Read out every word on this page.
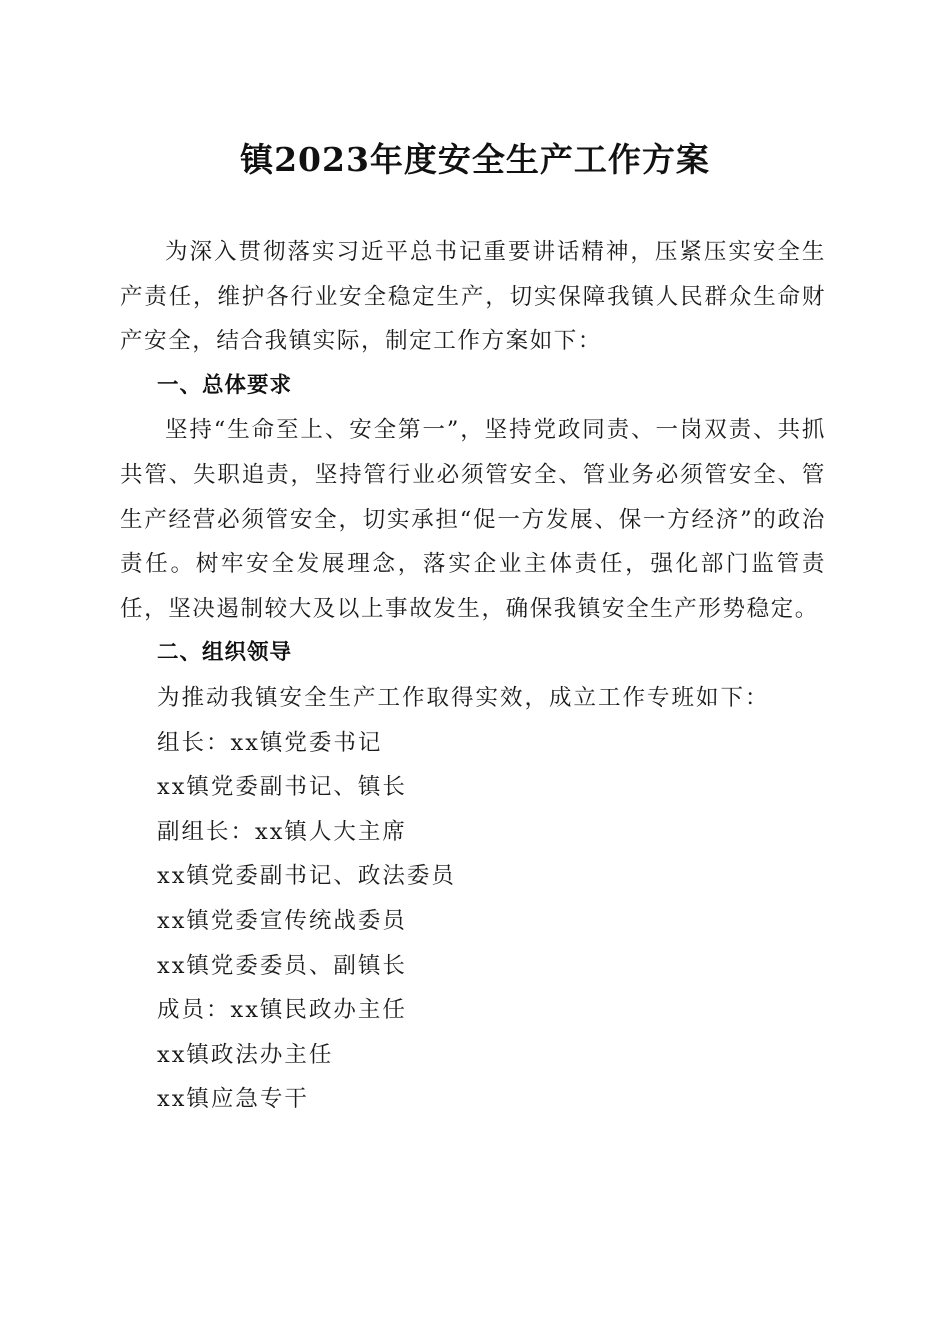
镇2023年度安全生产工作方案

为深入贯彻落实习近平总书记重要讲话精神，压紧压实安全生产责任，维护各行业安全稳定生产，切实保障我镇人民群众生命财产安全，结合我镇实际，制定工作方案如下：

一、总体要求

坚持“生命至上、安全第一”，坚持党政同责、一岗双责、共抓共管、失职追责，坚持管行业必须管安全、管业务必须管安全、管生产经营必须管安全，切实承担“促一方发展、保一方经济”的政治责任。树牢安全发展理念，落实企业主体责任，强化部门监管责任，坚决遏制较大及以上事故发生，确保我镇安全生产形势稳定。

二、组织领导

为推动我镇安全生产工作取得实效，成立工作专班如下：

组长：xx镇党委书记

xx镇党委副书记、镇长

副组长：xx镇人大主席

xx镇党委副书记、政法委员

xx镇党委宣传统战委员

xx镇党委委员、副镇长

成员：xx镇民政办主任

xx镇政法办主任

xx镇应急专干
